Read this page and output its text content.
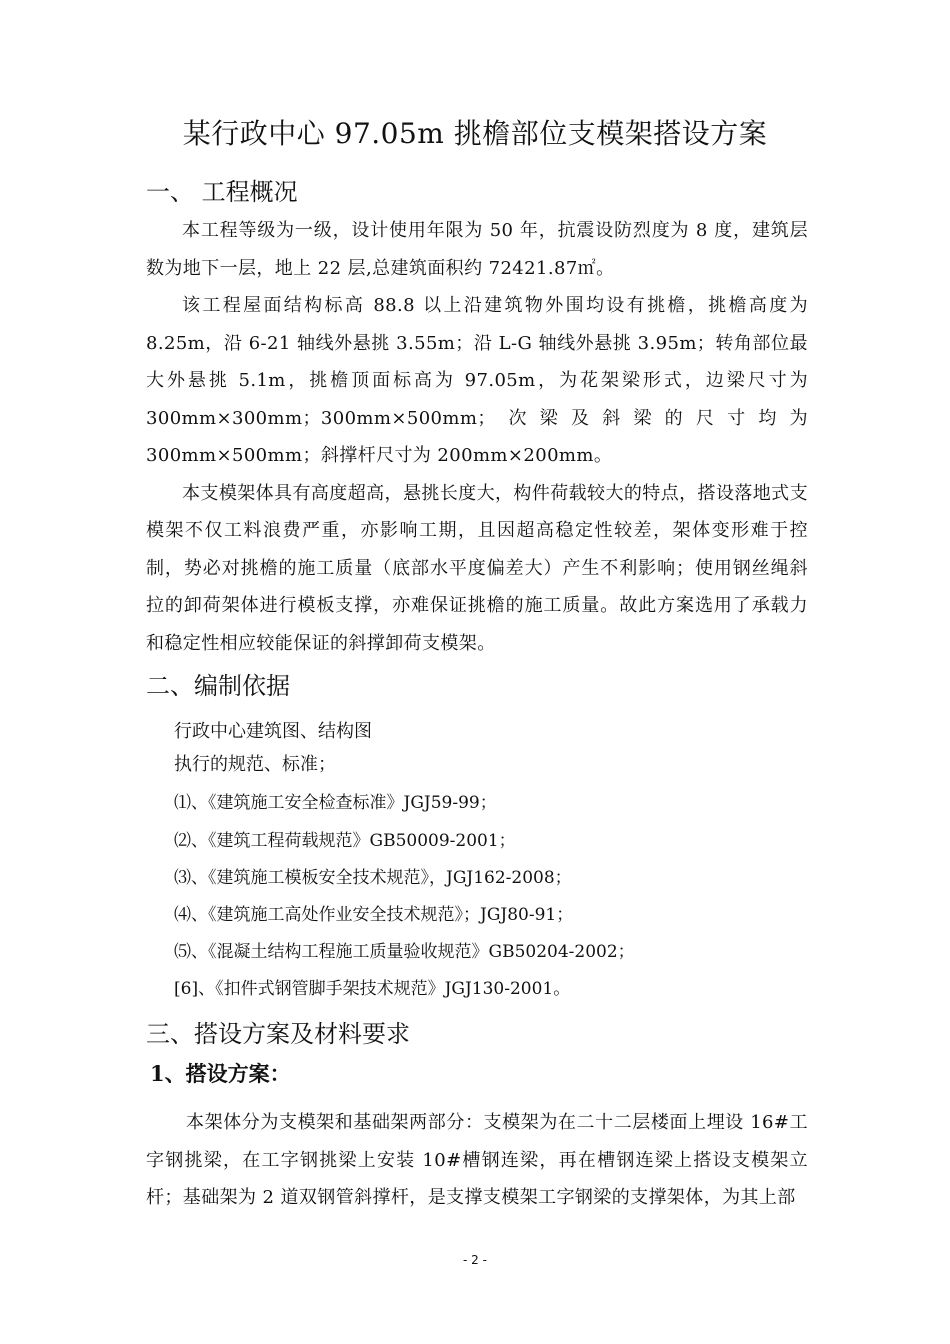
某行政中心 97.05m 挑檐部位支模架搭设方案
一、 工程概况

本工程等级为一级，设计使用年限为 50 年，抗震设防烈度为 8 度，建筑层数为地下一层，地上 22 层,总建筑面积约 72421.87㎡。

该工程屋面结构标高 88.8 以上沿建筑物外围均设有挑檐，挑檐高度为 8.25m，沿 6-21 轴线外悬挑 3.55m；沿 L-G 轴线外悬挑 3.95m；转角部位最大外悬挑 5.1m，挑檐顶面标高为 97.05m，为花架梁形式，边梁尺寸为 300mm×300mm；300mm×500mm；次梁及斜梁的尺寸均为 300mm×500mm；斜撑杆尺寸为 200mm×200mm。

本支模架体具有高度超高，悬挑长度大，构件荷载较大的特点，搭设落地式支模架不仅工料浪费严重，亦影响工期，且因超高稳定性较差，架体变形难于控制，势必对挑檐的施工质量（底部水平度偏差大）产生不利影响；使用钢丝绳斜拉的卸荷架体进行模板支撑，亦难保证挑檐的施工质量。故此方案选用了承载力和稳定性相应较能保证的斜撑卸荷支模架。

二、编制依据
行政中心建筑图、结构图
执行的规范、标准；
⑴、《建筑施工安全检查标准》JGJ59-99；
⑵、《建筑工程荷载规范》GB50009-2001；
⑶、《建筑施工模板安全技术规范》，JGJ162-2008；
⑷、《建筑施工高处作业安全技术规范》；JGJ80-91；
⑸、《混凝土结构工程施工质量验收规范》GB50204-2002；
[6]、《扣件式钢管脚手架技术规范》JGJ130-2001。
三、搭设方案及材料要求
1、搭设方案：

本架体分为支模架和基础架两部分：支模架为在二十二层楼面上埋设 16#工字钢挑梁，在工字钢挑梁上安装 10#槽钢连梁，再在槽钢连梁上搭设支模架立杆；基础架为 2 道双钢管斜撑杆，是支撑支模架工字钢梁的支撑架体，为其上部

- 2 -
